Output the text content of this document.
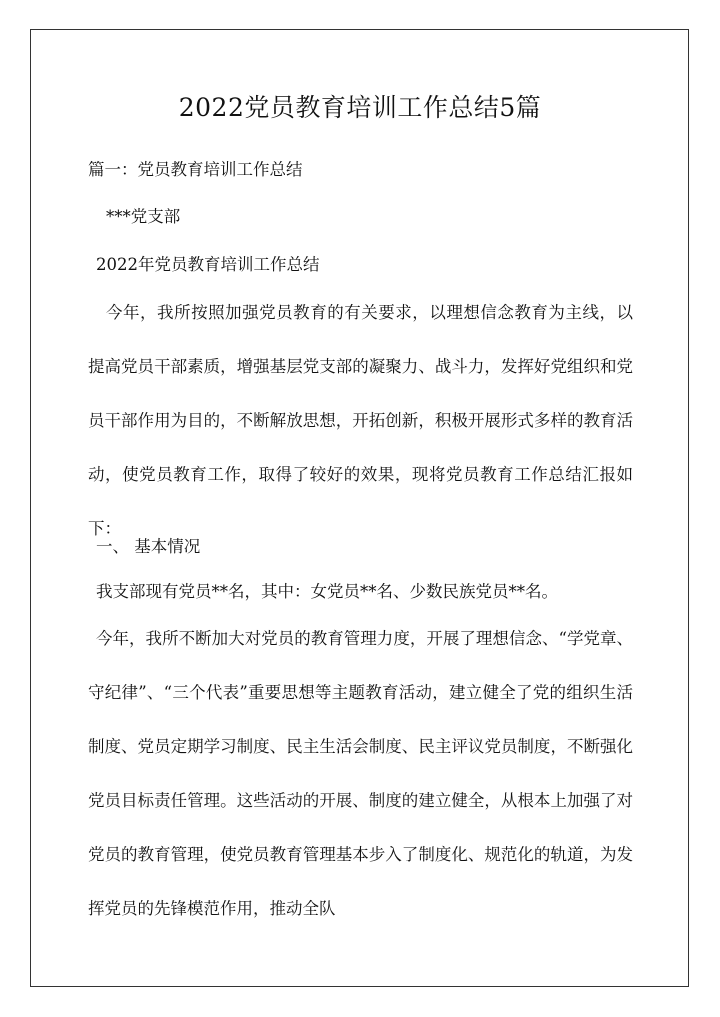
2022党员教育培训工作总结5篇
篇一：党员教育培训工作总结
***党支部
2022年党员教育培训工作总结
今年，我所按照加强党员教育的有关要求，以理想信念教育为主线，以提高党员干部素质，增强基层党支部的凝聚力、战斗力，发挥好党组织和党员干部作用为目的，不断解放思想，开拓创新，积极开展形式多样的教育活动，使党员教育工作，取得了较好的效果，现将党员教育工作总结汇报如下：
一、 基本情况
我支部现有党员**名，其中：女党员**名、少数民族党员**名。
今年，我所不断加大对党员的教育管理力度，开展了理想信念、“学党章、守纪律”、“三个代表”重要思想等主题教育活动，建立健全了党的组织生活制度、党员定期学习制度、民主生活会制度、民主评议党员制度，不断强化党员目标责任管理。这些活动的开展、制度的建立健全，从根本上加强了对党员的教育管理，使党员教育管理基本步入了制度化、规范化的轨道，为发挥党员的先锋模范作用，推动全队
